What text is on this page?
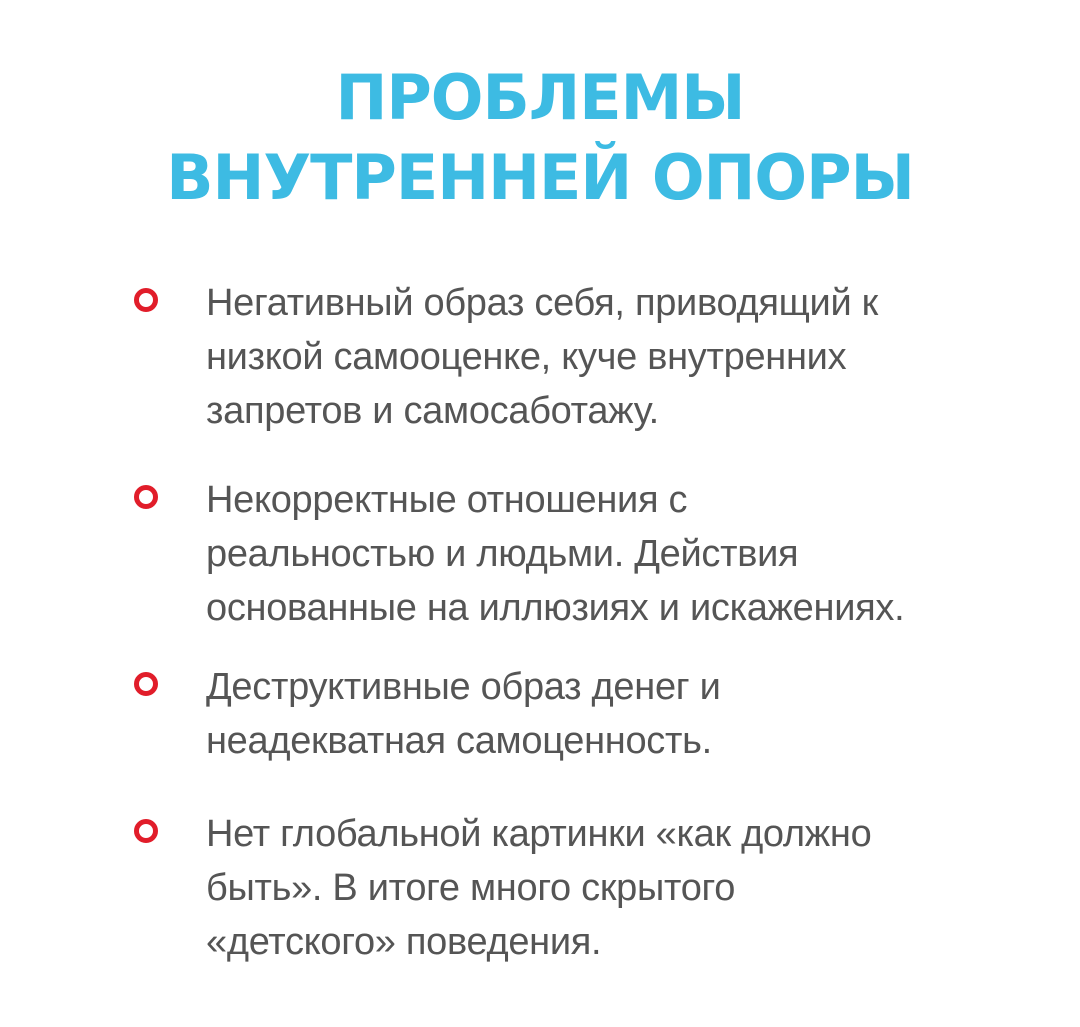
ПРОБЛЕМЫ
ВНУТРЕННЕЙ ОПОРЫ
Негативный образ себя, приводящий к
низкой самооценке, куче внутренних
запретов и самосаботажу.
Некорректные отношения с
реальностью и людьми. Действия
основанные на иллюзиях и искажениях.
Деструктивные образ денег и
неадекватная самоценность.
Нет глобальной картинки «как должно
быть». В итоге много скрытого
«детского» поведения.
